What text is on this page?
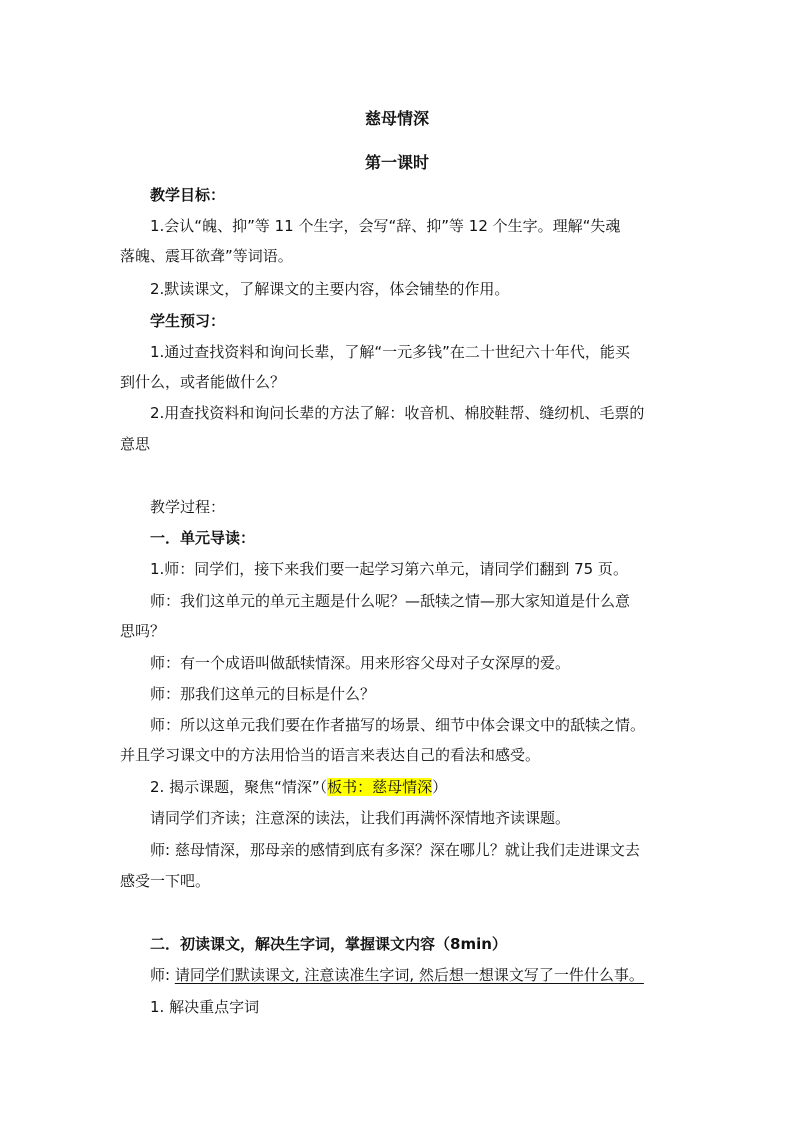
慈母情深
第一课时
教学目标：
1.会认“魄、抑”等 11 个生字，会写“辞、抑”等 12 个生字。理解“失魂
落魄、震耳欲聋”等词语。
2.默读课文，了解课文的主要内容，体会铺垫的作用。
学生预习：
1.通过查找资料和询问长辈，了解“一元多钱”在二十世纪六十年代，能买
到什么，或者能做什么？
2.用查找资料和询问长辈的方法了解：收音机、棉胶鞋帮、缝纫机、毛票的
意思
教学过程：
一．单元导读：
1.师：同学们，接下来我们要一起学习第六单元，请同学们翻到 75 页。
师：我们这单元的单元主题是什么呢？—舐犊之情—那大家知道是什么意
思吗？
师：有一个成语叫做舐犊情深。用来形容父母对子女深厚的爱。
师：那我们这单元的目标是什么？
师：所以这单元我们要在作者描写的场景、细节中体会课文中的舐犊之情。
并且学习课文中的方法用恰当的语言来表达自己的看法和感受。
2. 揭示课题，聚焦“情深”（板书：慈母情深）
请同学们齐读；注意深的读法，让我们再满怀深情地齐读课题。
师: 慈母情深，那母亲的感情到底有多深？深在哪儿？就让我们走进课文去
感受一下吧。
二．初读课文，解决生字词，掌握课文内容（8min）
师: 请同学们默读课文, 注意读准生字词, 然后想一想课文写了一件什么事。
1. 解决重点字词
